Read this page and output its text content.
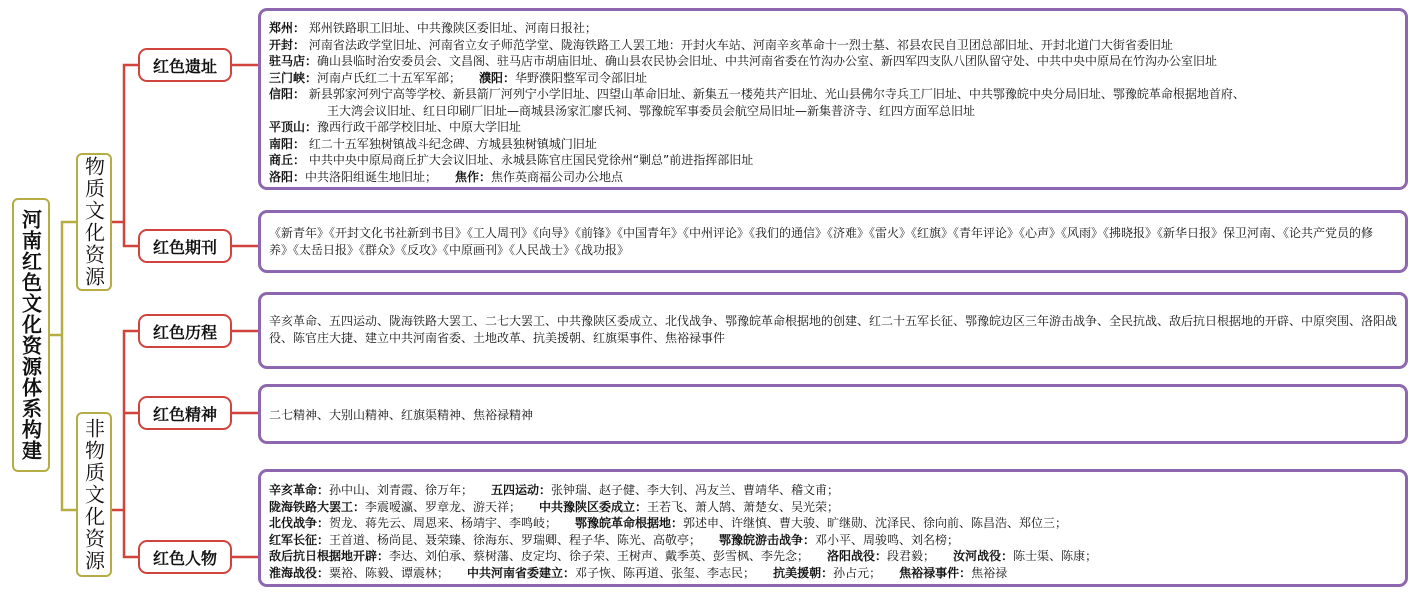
河南红色文化资源体系构建	物质文化资源
非物质文化资源
红色遗址
红色期刊
红色历程
红色精神
红色人物
郑州： 郑州铁路职工旧址、中共豫陕区委旧址、河南日报社；
开封： 河南省法政学堂旧址、河南省立女子师范学堂、陇海铁路工人罢工地：开封火车站、河南辛亥革命十一烈士墓、祁县农民自卫团总部旧址、开封北道门大街省委旧址
驻马店：确山县临时治安委员会、文昌阁、驻马店市胡庙旧址、确山县农民协会旧址、中共河南省委在竹沟办公室、新四军四支队八团队留守处、中共中央中原局在竹沟办公室旧址
三门峡：河南卢氏红二十五军军部； 濮阳：华野濮阳整军司令部旧址
信阳： 新县郭家河列宁高等学校、新县箭厂河列宁小学旧址、四望山革命旧址、新集五一楼苑共产旧址、光山县佛尔寺兵工厂旧址、中共鄂豫皖中央分局旧址、鄂豫皖革命根据地首府、
王大湾会议旧址、红日印刷厂旧址—商城县汤家汇廖氏祠、鄂豫皖军事委员会航空局旧址—新集普济寺、红四方面军总旧址
平顶山：豫西行政干部学校旧址、中原大学旧址
南阳： 红二十五军独树镇战斗纪念碑、方城县独树镇城门旧址
商丘： 中共中央中原局商丘扩大会议旧址、永城县陈官庄国民党徐州“剿总”前进指挥部旧址
洛阳：中共洛阳组诞生地旧址； 焦作：焦作英商福公司办公地点
《新青年》《开封文化书社新到书目》《工人周刊》《向导》《前锋》《中国青年》《中州评论》《我们的通信》《济难》《雷火》《红旗》《青年评论》《心声》《风雨》《拂晓报》《新华日报》保卫河南、《论共产党员的修养》《太岳日报》《群众》《反攻》《中原画刊》《人民战士》《战功报》
辛亥革命、五四运动、陇海铁路大罢工、二七大罢工、中共豫陕区委成立、北伐战争、鄂豫皖革命根据地的创建、红二十五军长征、鄂豫皖边区三年游击战争、全民抗战、敌后抗日根据地的开辟、中原突围、洛阳战役、陈官庄大捷、建立中共河南省委、土地改革、抗美援朝、红旗渠事件、焦裕禄事件
二七精神、大别山精神、红旗渠精神、焦裕禄精神
辛亥革命：孙中山、刘青霞、徐万年； 五四运动：张钟瑞、赵子健、李大钊、冯友兰、曹靖华、稽文甫；
陇海铁路大罢工：李震嗳瀛、罗章龙、游天祥； 中共豫陕区委成立：王若飞、萧人鹄、萧楚女、吴光荣；
北伐战争：贺龙、蒋先云、周恩来、杨靖宇、李鸣岐； 鄂豫皖革命根据地：郭述申、许继慎、曹大骏、旷继勋、沈泽民、徐向前、陈昌浩、郑位三；
红军长征：王首道、杨尚昆、聂荣臻、徐海东、罗瑞卿、程子华、陈光、高敬亭； 鄂豫皖游击战争：邓小平、周骏鸣、刘名榜；
敌后抗日根据地开辟：李达、刘伯承、蔡树藩、皮定均、徐子荣、王树声、戴季英、彭雪枫、李先念； 洛阳战役：段君毅； 汝河战役：陈士渠、陈康；
淮海战役：粟裕、陈毅、谭震林； 中共河南省委建立：邓子恢、陈再道、张玺、李志民； 抗美援朝：孙占元； 焦裕禄事件：焦裕禄
